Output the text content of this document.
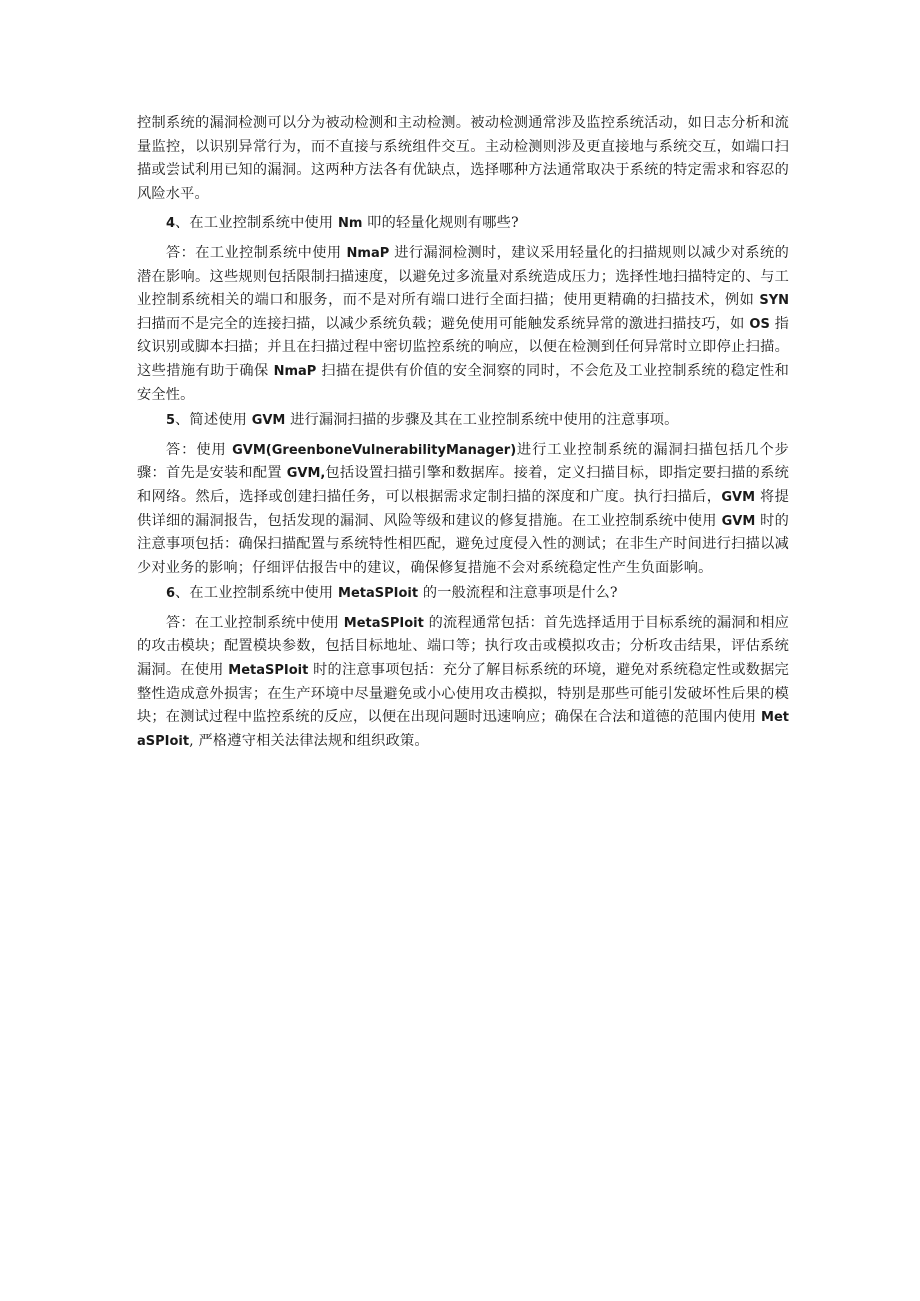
控制系统的漏洞检测可以分为被动检测和主动检测。被动检测通常涉及监控系统活动，如日志分析和流量监控，以识别异常行为，而不直接与系统组件交互。主动检测则涉及更直接地与系统交互，如端口扫描或尝试利用已知的漏洞。这两种方法各有优缺点，选择哪种方法通常取决于系统的特定需求和容忍的风险水平。

4、在工业控制系统中使用 Nm 叩的轻量化规则有哪些?

答：在工业控制系统中使用 NmaP 进行漏洞检测时，建议采用轻量化的扫描规则以减少对系统的潜在影响。这些规则包括限制扫描速度，以避免过多流量对系统造成压力；选择性地扫描特定的、与工业控制系统相关的端口和服务，而不是对所有端口进行全面扫描；使用更精确的扫描技术，例如 SYN 扫描而不是完全的连接扫描，以减少系统负载；避免使用可能触发系统异常的激进扫描技巧，如 OS 指纹识别或脚本扫描；并且在扫描过程中密切监控系统的响应，以便在检测到任何异常时立即停止扫描。这些措施有助于确保 NmaP 扫描在提供有价值的安全洞察的同时，不会危及工业控制系统的稳定性和安全性。

5、简述使用 GVM 进行漏洞扫描的步骤及其在工业控制系统中使用的注意事项。

答：使用 GVM(GreenboneVulnerabilityManager)进行工业控制系统的漏洞扫描包括几个步骤：首先是安装和配置 GVM,包括设置扫描引擎和数据库。接着，定义扫描目标，即指定要扫描的系统和网络。然后，选择或创建扫描任务，可以根据需求定制扫描的深度和广度。执行扫描后，GVM 将提供详细的漏洞报告，包括发现的漏洞、风险等级和建议的修复措施。在工业控制系统中使用 GVM 时的注意事项包括：确保扫描配置与系统特性相匹配，避免过度侵入性的测试；在非生产时间进行扫描以减少对业务的影响；仔细评估报告中的建议，确保修复措施不会对系统稳定性产生负面影响。

6、在工业控制系统中使用 MetaSPIoit 的一般流程和注意事项是什么?

答：在工业控制系统中使用 MetaSPIoit 的流程通常包括：首先选择适用于目标系统的漏洞和相应的攻击模块；配置模块参数，包括目标地址、端口等；执行攻击或模拟攻击；分析攻击结果，评估系统漏洞。在使用 MetaSPIoit 时的注意事项包括：充分了解目标系统的环境，避免对系统稳定性或数据完整性造成意外损害；在生产环境中尽量避免或小心使用攻击模拟，特别是那些可能引发破坏性后果的模块；在测试过程中监控系统的反应，以便在出现问题时迅速响应；确保在合法和道德的范围内使用 MetaSPIoit, 严格遵守相关法律法规和组织政策。
